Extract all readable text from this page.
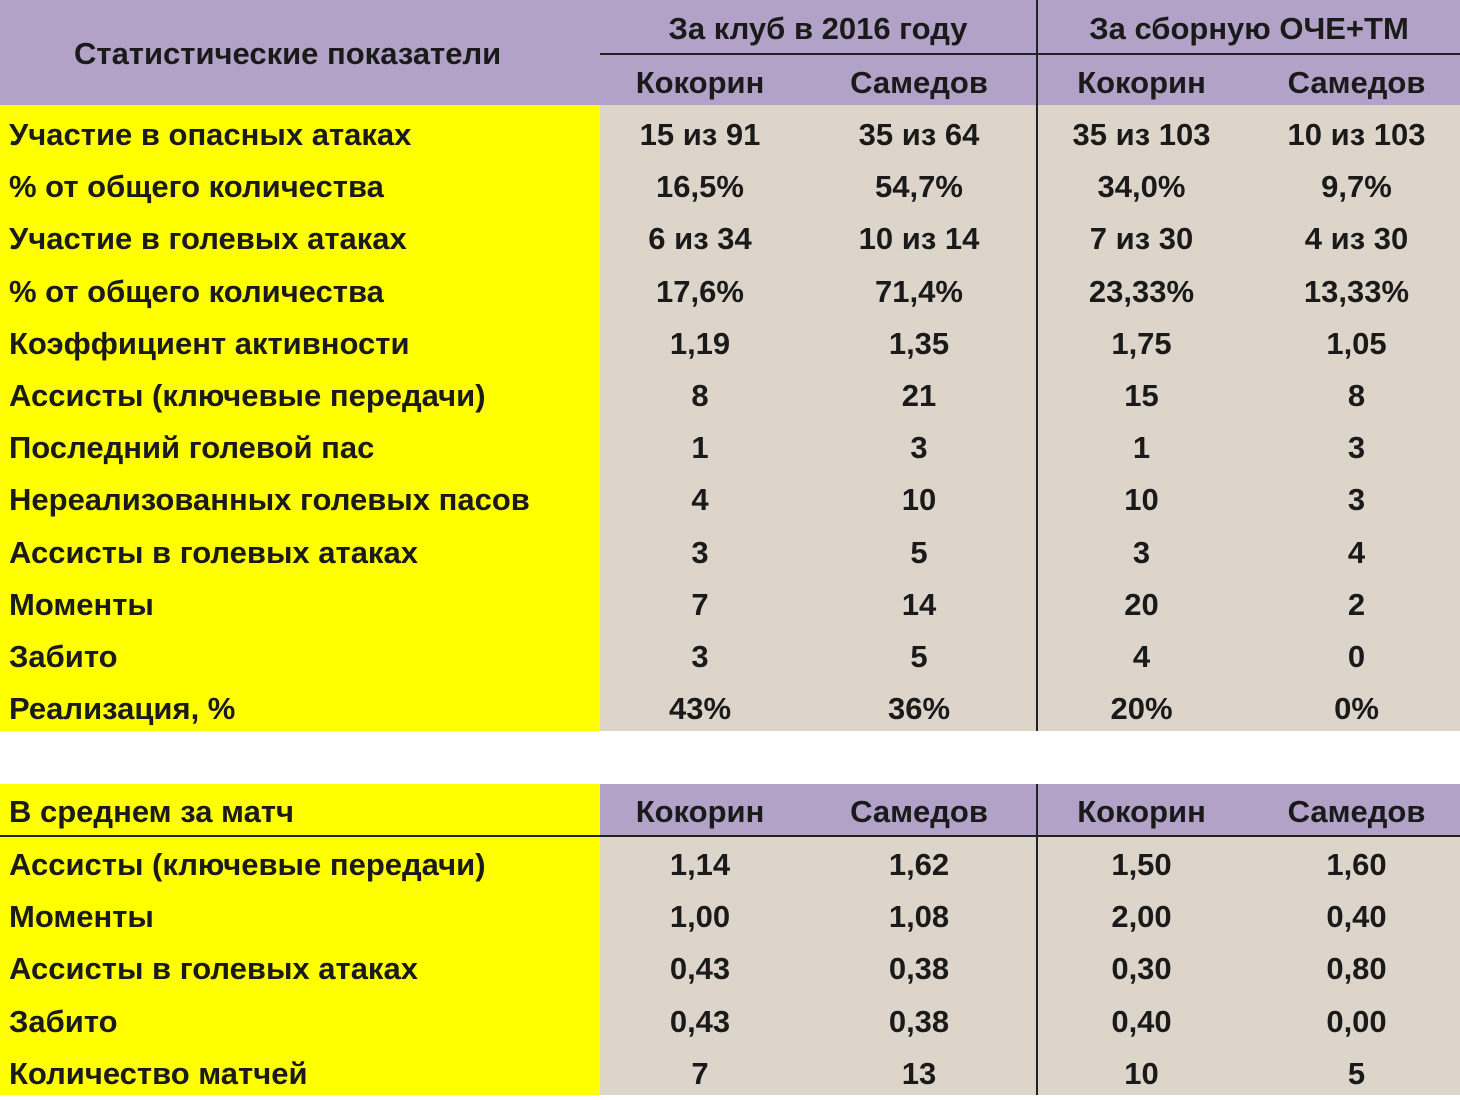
Статистические показатели
За клуб в 2016 году	За сборную ОЧЕ+ТМ
Кокорин	Самедов	Кокорин	Самедов
Участие в опасных атаках	15 из 91	35 из 64	35 из 103	10 из 103
% от общего количества	16,5%	54,7%	34,0%	9,7%
Участие в голевых атаках	6 из 34	10 из 14	7 из 30	4 из 30
% от общего количества	17,6%	71,4%	23,33%	13,33%
Коэффициент активности	1,19	1,35	1,75	1,05
Ассисты (ключевые передачи)	8	21	15	8
Последний голевой пас	1	3	1	3
Нереализованных голевых пасов	4	10	10	3
Ассисты в голевых атаках	3	5	3	4
Моменты	7	14	20	2
Забито	3	5	4	0
Реализация, %	43%	36%	20%	0%
В среднем за матч	Кокорин	Самедов	Кокорин	Самедов
Ассисты (ключевые передачи)	1,14	1,62	1,50	1,60
Моменты	1,00	1,08	2,00	0,40
Ассисты в голевых атаках	0,43	0,38	0,30	0,80
Забито	0,43	0,38	0,40	0,00
Количество матчей	7	13	10	5
